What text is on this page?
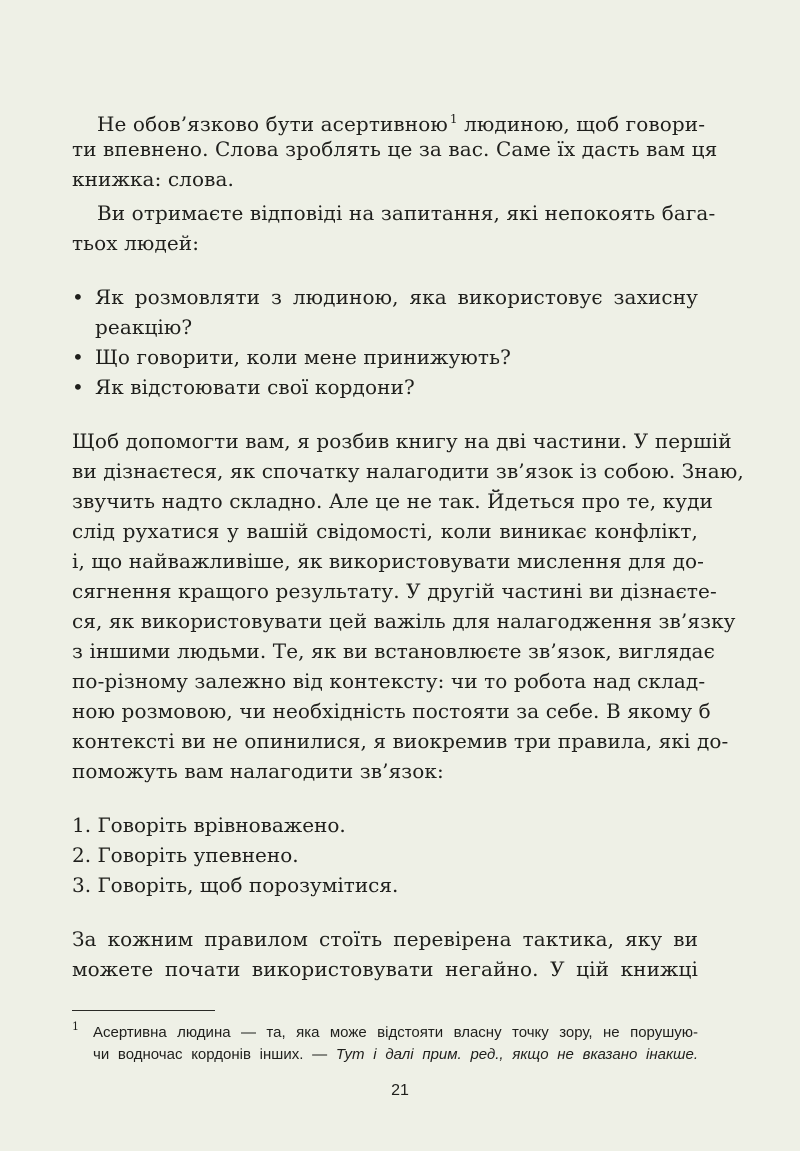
Не обов’язково бути асертивною $^1$ людиною, щоб говори-
ти впевнено. Слова зроблять це за вас. Саме їх дасть вам ця
книжка: слова.
Ви отримаєте відповіді на запитання, які непокоять бага-
тьох людей:
• Як розмовляти з людиною, яка використовує захисну
реакцію?
• Що говорити, коли мене принижують?
• Як відстоювати свої кордони?
Щоб допомогти вам, я розбив книгу на дві частини. У першій
ви дізнаєтеся, як спочатку налагодити зв’язок із собою. Знаю,
звучить надто складно. Але це не так. Йдеться про те, куди
слід рухатися у вашій свідомості, коли виникає конфлікт,
і, що найважливіше, як використовувати мислення для до-
сягнення кращого результату. У другій частині ви дізнаєте-
ся, як використовувати цей важіль для налагодження зв’язку
з іншими людьми. Те, як ви встановлюєте зв’язок, виглядає
по-різному залежно від контексту: чи то робота над склад-
ною розмовою, чи необхідність постояти за себе. В якому б
контексті ви не опинилися, я виокремив три правила, які до-
поможуть вам налагодити зв’язок:
1. Говоріть врівноважено.
2. Говоріть упевнено.
3. Говоріть, щоб порозумітися.
За кожним правилом стоїть перевірена тактика, яку ви
можете почати використовувати негайно. У цій книжці
1 Асертивна людина — та, яка може відстояти власну точку зору, не порушую-
чи водночас кордонів інших. — Тут і далі прим. ред., якщо не вказано інакше.
21
